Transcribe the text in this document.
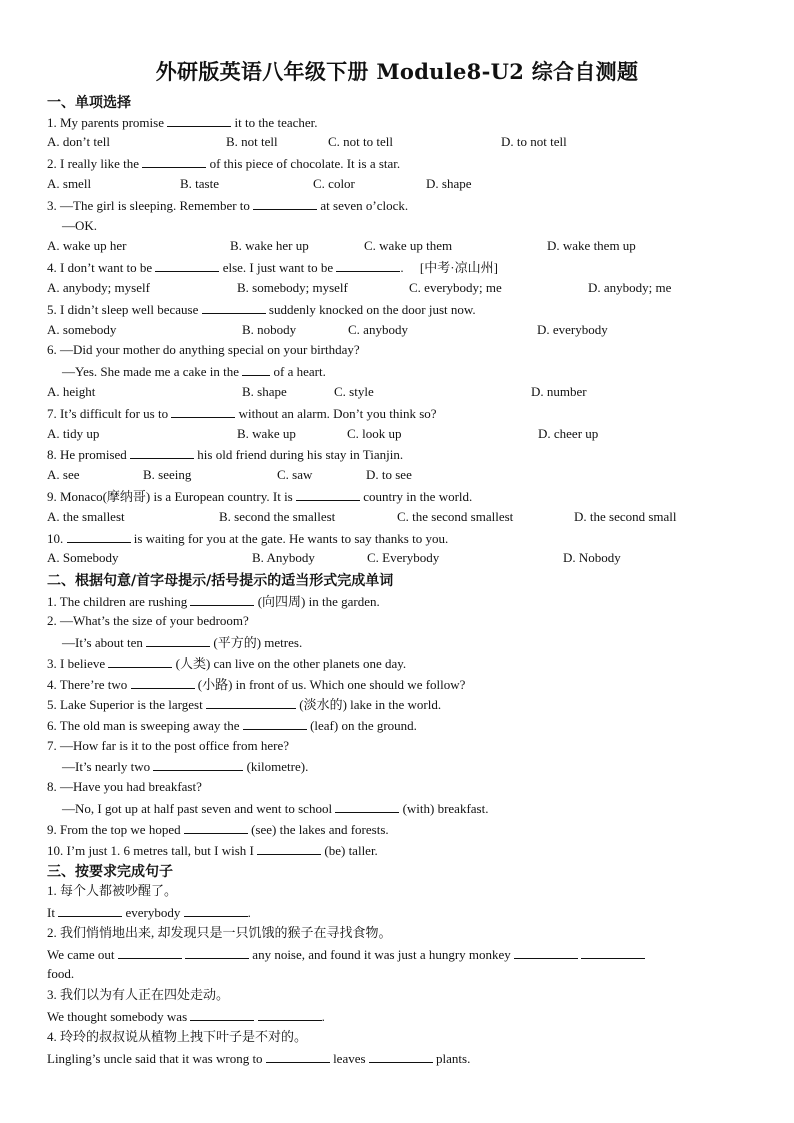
外研版英语八年级下册 Module8-U2 综合自测题
一、单项选择
1. My parents promise	it to the teacher.
A. don’t tell	B. not tell	C. not to tell	D. to not tell
2. I really like the	of this piece of chocolate. It is a star.
A. smell	B. taste	C. color	D. shape
3. —The girl is sleeping. Remember to	at seven o’clock.
—OK.
A. wake up her	B. wake her up	C. wake up them	D. wake them up
4. I don’t want to be	else. I just want to be	. [中考·凉山州]
A. anybody; myself	B. somebody; myself	C. everybody; me	D. anybody; me
5. I didn’t sleep well because	suddenly knocked on the door just now.
A. somebody	B. nobody	C. anybody	D. everybody
6. —Did your mother do anything special on your birthday?
—Yes. She made me a cake in the	of a heart.
A. height	B. shape	C. style	D. number
7. It’s difficult for us to	without an alarm. Don’t you think so?
A. tidy up	B. wake up	C. look up	D. cheer up
8. He promised	his old friend during his stay in Tianjin.
A. see	B. seeing	C. saw	D. to see
9. Monaco(摩纳哥) is a European country. It is	country in the world.
A. the smallest	B. second the smallest	C. the second smallest	D. the second small
10.	is waiting for you at the gate. He wants to say thanks to you.
A. Somebody	B. Anybody	C. Everybody	D. Nobody
二、根据句意/首字母提示/括号提示的适当形式完成单词
1. The children are rushing	(向四周) in the garden.
2. —What’s the size of your bedroom?
—It’s about ten	(平方的) metres.
3. I believe	(人类) can live on the other planets one day.
4. There’re two	(小路) in front of us. Which one should we follow?
5. Lake Superior is the largest	(淡水的) lake in the world.
6. The old man is sweeping away the	(leaf) on the ground.
7. —How far is it to the post office from here?
—It’s nearly two	(kilometre).
8. —Have you had breakfast?
—No, I got up at half past seven and went to school	(with) breakfast.
9. From the top we hoped	(see) the lakes and forests.
10. I’m just 1. 6 metres tall, but I wish I	(be) taller.
三、按要求完成句子
1. 每个人都被吵醒了。
It	everybody	.
2. 我们悄悄地出来, 却发现只是一只饥饿的猴子在寻找食物。
We came out	any noise, and found it was just a hungry monkey
food.
3. 我们以为有人正在四处走动。
We thought somebody was	.
4. 玲玲的叔叔说从植物上拽下叶子是不对的。
Lingling’s uncle said that it was wrong to	leaves	plants.
